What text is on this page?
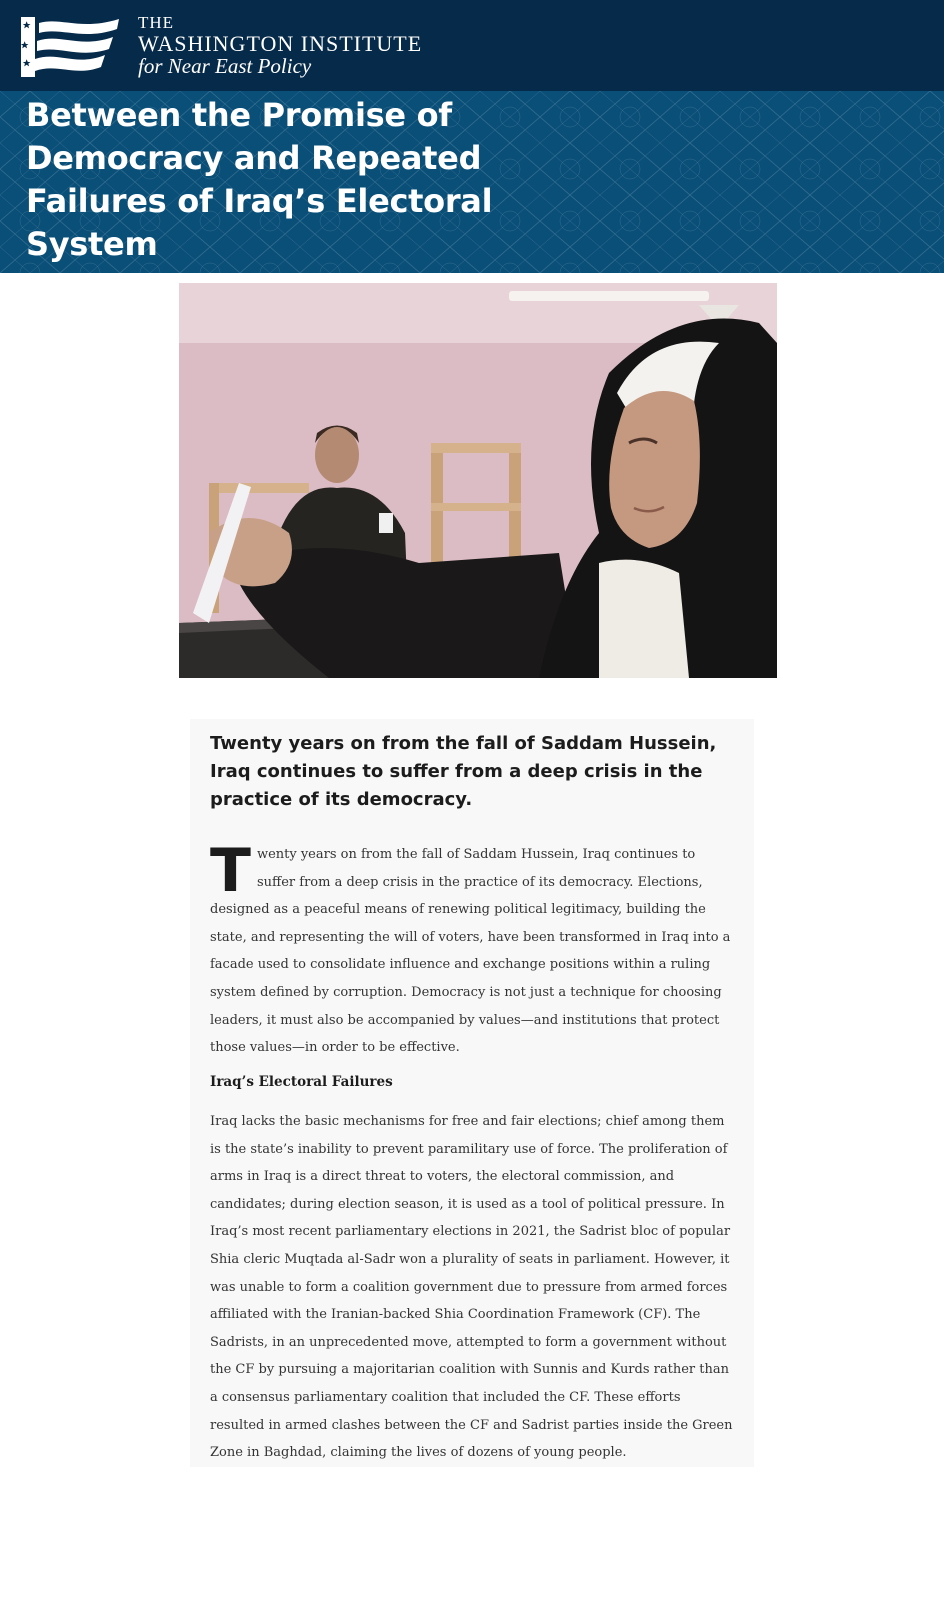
THE
WASHINGTON INSTITUTE
for Near East Policy
Between the Promise of Democracy and Repeated Failures of Iraq’s Electoral System

Twenty years on from the fall of Saddam Hussein, Iraq continues to suffer from a deep crisis in the practice of its democracy.

Twenty years on from the fall of Saddam Hussein, Iraq continues to suffer from a deep crisis in the practice of its democracy. Elections, designed as a peaceful means of renewing political legitimacy, building the state, and representing the will of voters, have been transformed in Iraq into a facade used to consolidate influence and exchange positions within a ruling system defined by corruption. Democracy is not just a technique for choosing leaders, it must also be accompanied by values—and institutions that protect those values—in order to be effective.

Iraq’s Electoral Failures

Iraq lacks the basic mechanisms for free and fair elections; chief among them is the state’s inability to prevent paramilitary use of force. The proliferation of arms in Iraq is a direct threat to voters, the electoral commission, and candidates; during election season, it is used as a tool of political pressure. In Iraq’s most recent parliamentary elections in 2021, the Sadrist bloc of popular Shia cleric Muqtada al-Sadr won a plurality of seats in parliament. However, it was unable to form a coalition government due to pressure from armed forces affiliated with the Iranian-backed Shia Coordination Framework (CF). The Sadrists, in an unprecedented move, attempted to form a government without the CF by pursuing a majoritarian coalition with Sunnis and Kurds rather than a consensus parliamentary coalition that included the CF. These efforts resulted in armed clashes between the CF and Sadrist parties inside the Green Zone in Baghdad, claiming the lives of dozens of young people.
